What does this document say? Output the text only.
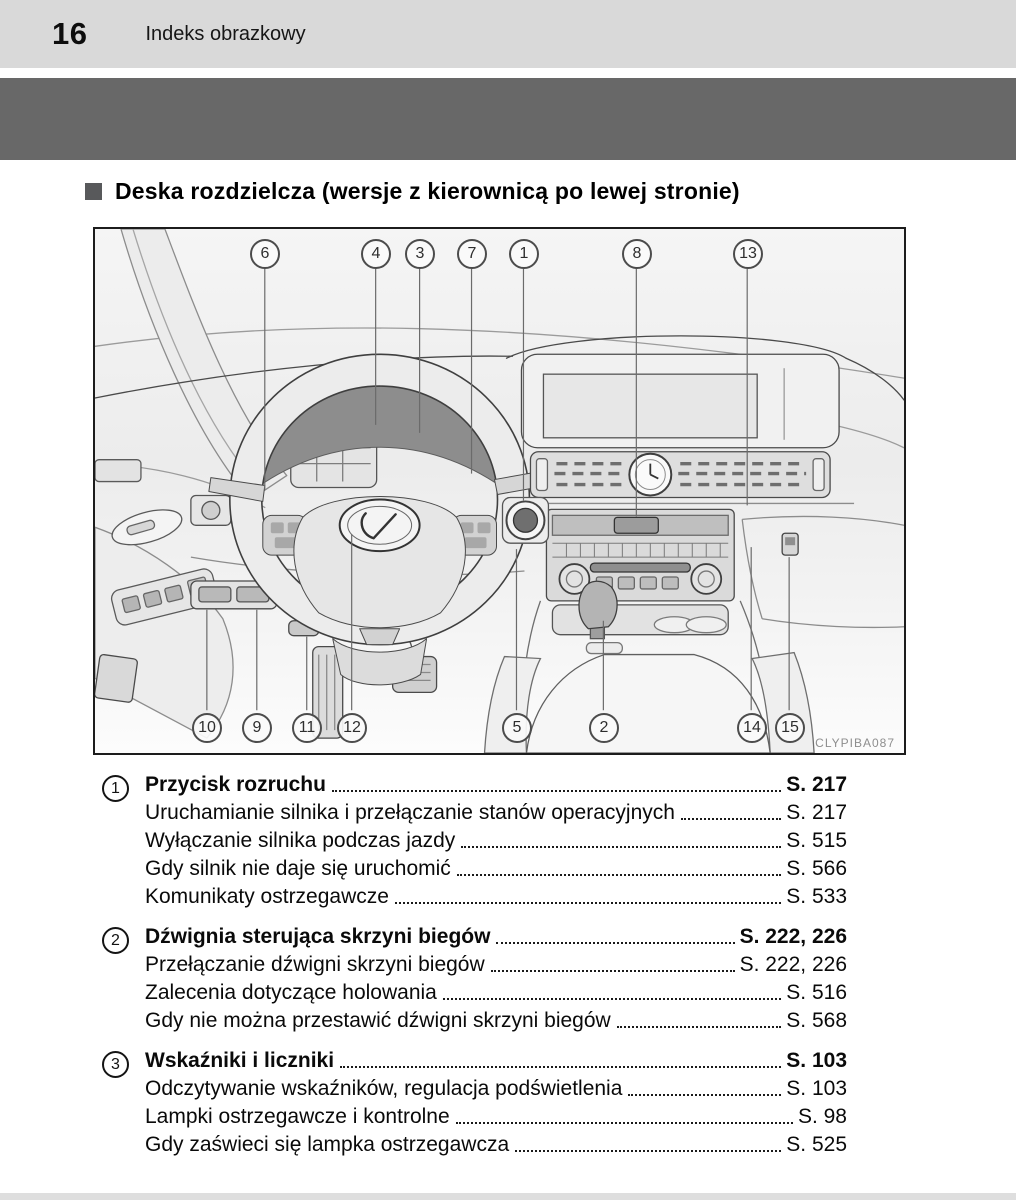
16	Indeks obrazkowy
Deska rozdzielcza (wersje z kierownicą po lewej stronie)
6	4	3	7	1	8	13
10	9	11	12	5	2	14	15
CLYPIBA087
1	Przycisk rozruchu	S. 217
Uruchamianie silnika i przełączanie stanów operacyjnych	S. 217
Wyłączanie silnika podczas jazdy	S. 515
Gdy silnik nie daje się uruchomić	S. 566
Komunikaty ostrzegawcze	S. 533
2	Dźwignia sterująca skrzyni biegów	S. 222, 226
Przełączanie dźwigni skrzyni biegów	S. 222, 226
Zalecenia dotyczące holowania	S. 516
Gdy nie można przestawić dźwigni skrzyni biegów	S. 568
3	Wskaźniki i liczniki	S. 103
Odczytywanie wskaźników, regulacja podświetlenia	S. 103
Lampki ostrzegawcze i kontrolne	S. 98
Gdy zaświeci się lampka ostrzegawcza	S. 525
